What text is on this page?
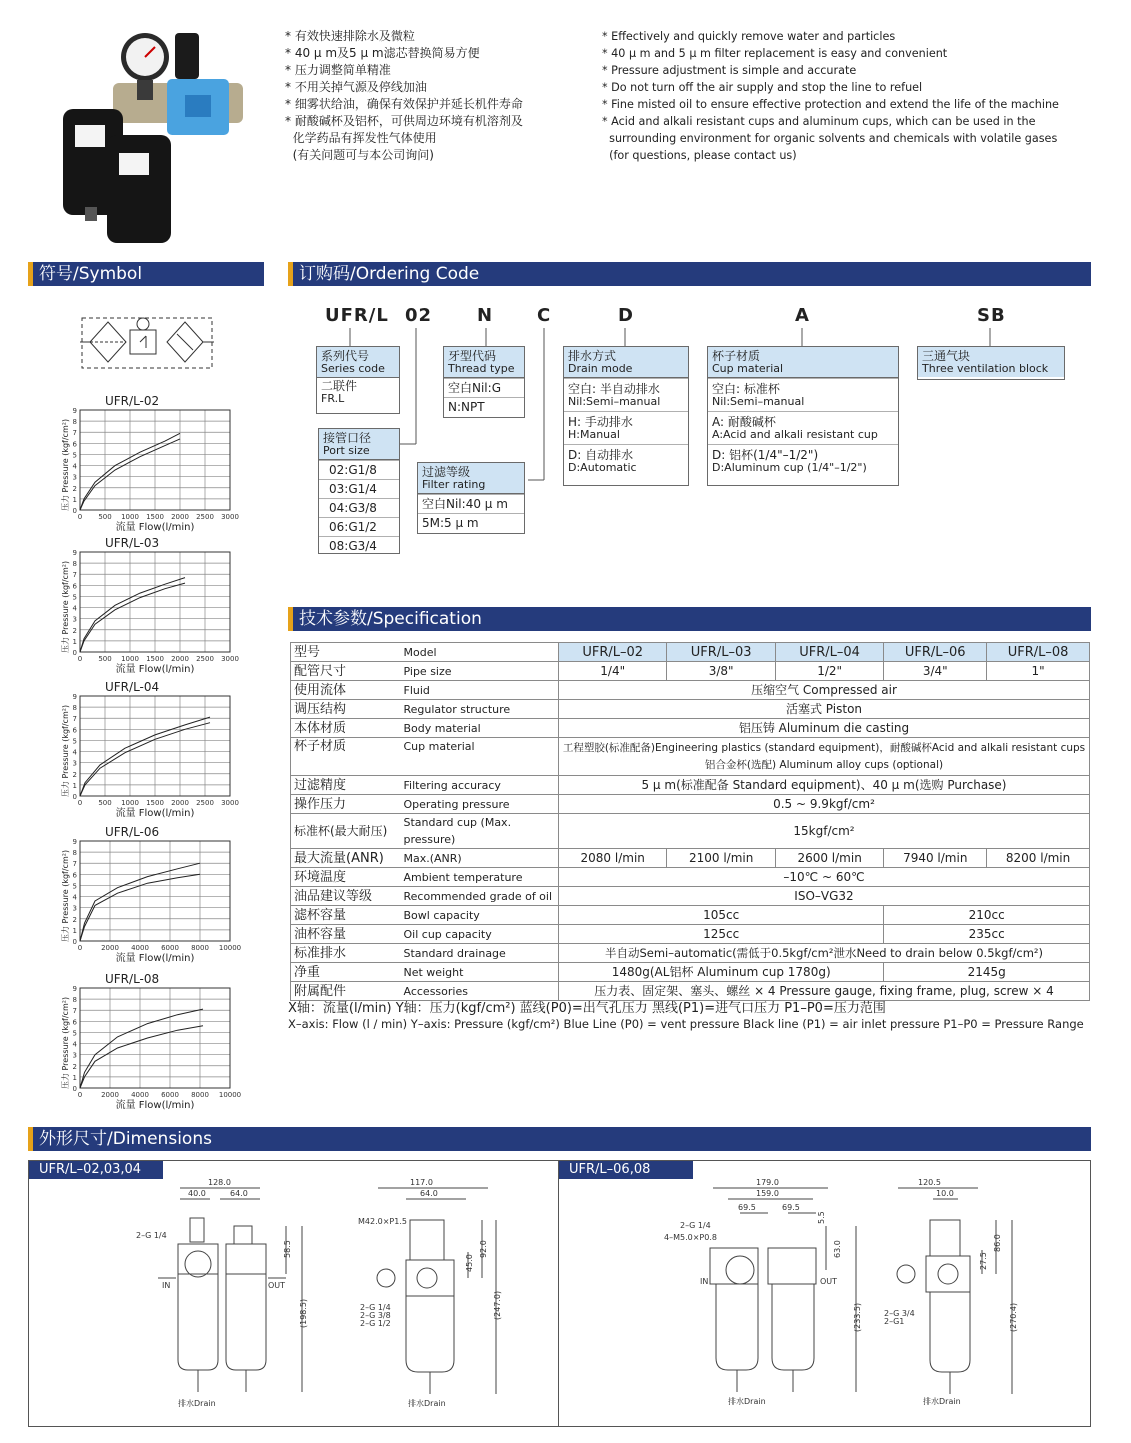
* 有效快速排除水及微粒
* 40 μ m及5 μ m滤芯替换简易方便
* 压力调整简单精准
* 不用关掉气源及停线加油
* 细雾状给油，确保有效保护并延长机件寿命
* 耐酸碱杯及铝杯，可供周边环境有机溶剂及
化学药品有挥发性气体使用
(有关问题可与本公司询问)
* Effectively and quickly remove water and particles
* 40 μ m and 5 μ m filter replacement is easy and convenient
* Pressure adjustment is simple and accurate
* Do not turn off the air supply and stop the line to refuel
* Fine misted oil to ensure effective protection and extend the life of the machine
* Acid and alkali resistant cups and aluminum cups, which can be used in the
surrounding environment for organic solvents and chemicals with volatile gases
(for questions, please contact us)
符号/Symbol	订购码/Ordering Code
技术参数/Specification
外形尺寸/Dimensions
UFR/L 02 N C	D	A	SB
系列代号
Series code
二联件
FR.L
接管口径
Port size
02:G1/8
03:G1/4
04:G3/8
06:G1/2
08:G3/4
牙型代码
Thread type
空白Nil:G
N:NPT
过滤等级
Filter rating
空白Nil:40 μ m
5M:5 μ m
排水方式
Drain mode
空白: 半自动排水
Nil:Semi–manual
H: 手动排水
H:Manual
D: 自动排水
D:Automatic
杯子材质
Cup material
空白: 标准杯
Nil:Semi–manual
A: 耐酸碱杯
A:Acid and alkali resistant cup
D: 铝杯(1/4"–1/2")
D:Aluminum cup (1/4"–1/2")
三通气块
Three ventilation block
型号	Model	UFR/L–02	UFR/L–03	UFR/L–04	UFR/L–06	UFR/L–08
配管尺寸	Pipe size	1/4"	3/8"	1/2"	3/4"	1"
使用流体	Fluid	压缩空气 Compressed air				
调压结构	Regulator structure	活塞式 Piston				
本体材质	Body material	铝压铸 Aluminum die casting				
杯子材质	Cup material	工程塑胶(标准配备)Engineering plastics (standard equipment)，耐酸碱杯Acid and alkali resistant cups
铝合金杯(选配) Aluminum alloy cups (optional)				

过滤精度	Filtering accuracy	5 μ m(标准配备 Standard equipment)、40 μ m(选购 Purchase)				
操作压力	Operating pressure	0.5 ~ 9.9kgf/cm²				
标准杯(最大耐压)	Standard cup (Max. pressure)	15kgf/cm²				
最大流量(ANR)	Max.(ANR)	2080 l/min	2100 l/min	2600 l/min	7940 l/min	8200 l/min
环境温度	Ambient temperature	–10℃ ~ 60℃				
油品建议等级	Recommended grade of oil	ISO–VG32				
滤杯容量	Bowl capacity	105cc			210cc	
油杯容量	Oil cup capacity	125cc			235cc	
标准排水	Standard drainage	半自动Semi–automatic(需低于0.5kgf/cm²泄水Need to drain below 0.5kgf/cm²)				
净重	Net weight	1480g(AL铝杯 Aluminum cup 1780g)			2145g	
附属配件	Accessories	压力表、固定架、塞头、螺丝 × 4 Pressure gauge, fixing frame, plug, screw × 4				
X轴：流量(l/min) Y轴：压力(kgf/cm²) 蓝线(P0)=出气孔压力 黑线(P1)=进气口压力 P1–P0=压力范围
X–axis: Flow (l / min) Y–axis: Pressure (kgf/cm²) Blue Line (P0) = vent pressure Black line (P1) = air inlet pressure P1–P0 = Pressure Range
UFR/L-02
0
1
2
3
4
5
6
7
8
9
0 500 1000 1500 2000 2500 3000
流量 Flow(l/min)
压力 Pressure (kgf/cm²)
UFR/L-03
0
1
2
3
4
5
6
7
8
9
0 500 1000 1500 2000 2500 3000
流量 Flow(l/min)
压力 Pressure (kgf/cm²)
UFR/L-04
0
1
2
3
4
5
6
7
8
9
0 500 1000 1500 2000 2500 3000
流量 Flow(l/min)
压力 Pressure (kgf/cm²)
UFR/L-06
0
1
2
3
4
5
6
7
8
9
0	2000 4000 6000 8000 10000
流量 Flow(l/min)
压力 Pressure (kgf/cm²)
UFR/L-08
0
1
2
3
4
5
6
7
8
9
0	2000 4000 6000 8000 10000
流量 Flow(l/min)
压力 Pressure (kgf/cm²)
UFR/L–02,03,04	UFR/L–06,08
128.0
40.0	64.0
2–G 1/4
IN	OUT
排水Drain
58.5
(198.5)
117.0
64.0
M42.0×P1.5
2–G 1/4
2–G 3/8
2–G 1/2
排水Drain
45.0
92.0
(247.0)
179.0
159.0
69.5	69.5
2–G 1/4
4–M5.0×P0.8
IN	OUT
排水Drain
5.5
63.0
(233.5)
120.5
10.0
2–G 3/4
2–G1
排水Drain
27.5
86.0
(270.4)
